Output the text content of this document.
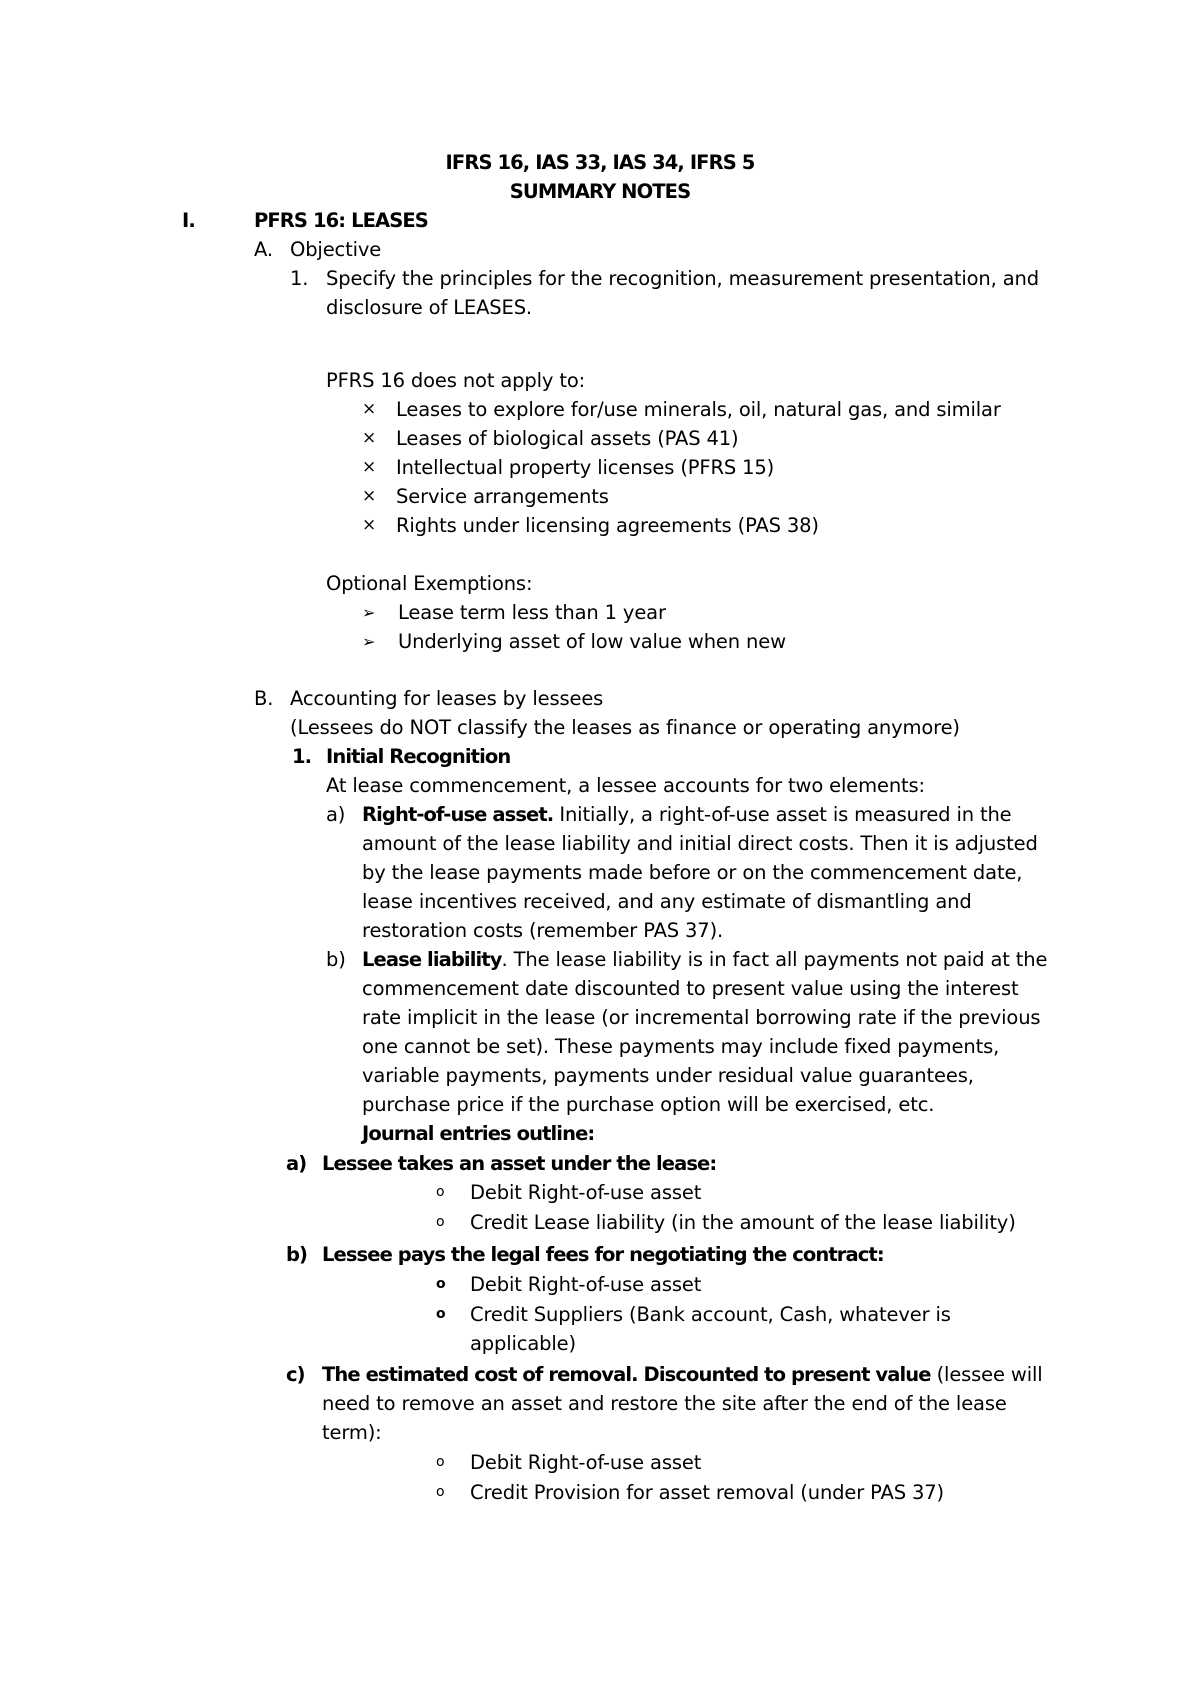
IFRS 16, IAS 33, IAS 34, IFRS 5
SUMMARY NOTES
I.	PFRS 16: LEASES
A. Objective
1. Specify the principles for the recognition, measurement presentation, and
disclosure of LEASES.
PFRS 16 does not apply to:
× Leases to explore for/use minerals, oil, natural gas, and similar
× Leases of biological assets (PAS 41)
× Intellectual property licenses (PFRS 15)
× Service arrangements
× Rights under licensing agreements (PAS 38)
Optional Exemptions:
➢ Lease term less than 1 year
➢ Underlying asset of low value when new
B. Accounting for leases by lessees
(Lessees do NOT classify the leases as finance or operating anymore)
1. Initial Recognition
At lease commencement, a lessee accounts for two elements:
a) Right-of-use asset. Initially, a right-of-use asset is measured in the
amount of the lease liability and initial direct costs. Then it is adjusted
by the lease payments made before or on the commencement date,
lease incentives received, and any estimate of dismantling and
restoration costs (remember PAS 37).
b) Lease liability. The lease liability is in fact all payments not paid at the
commencement date discounted to present value using the interest
rate implicit in the lease (or incremental borrowing rate if the previous
one cannot be set). These payments may include fixed payments,
variable payments, payments under residual value guarantees,
purchase price if the purchase option will be exercised, etc.
Journal entries outline:
a) Lessee takes an asset under the lease:
o Debit Right-of-use asset
o Credit Lease liability (in the amount of the lease liability)
b) Lessee pays the legal fees for negotiating the contract:
o Debit Right-of-use asset
o Credit Suppliers (Bank account, Cash, whatever is
applicable)
c) The estimated cost of removal. Discounted to present value (lessee will
need to remove an asset and restore the site after the end of the lease
term):
o Debit Right-of-use asset
o Credit Provision for asset removal (under PAS 37)
